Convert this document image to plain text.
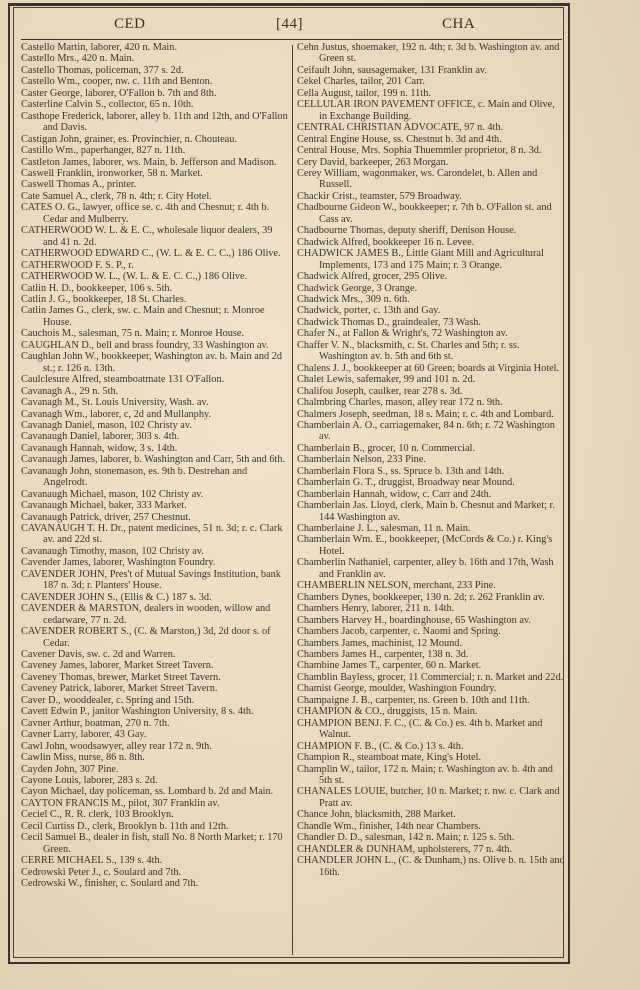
CED	[44]	CHA
Castello Martin, laborer, 420 n. Main.
Castello Mrs., 420 n. Main.
Castello Thomas, policeman, 377 s. 2d.
Castello Wm., cooper, nw. c. 11th and Benton.
Caster George, laborer, O'Fallon b. 7th and 8th.
Casterline Calvin S., collector, 65 n. 10th.
Casthope Frederick, laborer, alley b. 11th and 12th, and O'Fallon and Davis.
Castigan John, grainer, es. Provinchier, n. Chouteau.
Castillo Wm., paperhanger, 827 n. 11th.
Castleton James, laborer, ws. Main, b. Jefferson and Madison.
Caswell Franklin, ironworker, 58 n. Market.
Caswell Thomas A., printer.
Cate Samuel A., clerk, 78 n. 4th; r. City Hotel.
CATES O. G., lawyer, office se. c. 4th and Chesnut; r. 4th b. Cedar and Mulberry.
CATHERWOOD W. L. & E. C., wholesale liquor dealers, 39 and 41 n. 2d.
CATHERWOOD EDWARD C., (W. L. & E. C. C.,) 186 Olive.
CATHERWOOD F. S. P., r.
CATHERWOOD W. L., (W. L. & E. C. C.,) 186 Olive.
Catlin H. D., bookkeeper, 106 s. 5th.
Catlin J. G., bookkeeper, 18 St. Charles.
Catlin James G., clerk, sw. c. Main and Chesnut; r. Monroe House.
Cauchois M., salesman, 75 n. Main; r. Monroe House.
CAUGHLAN D., bell and brass foundry, 33 Washington av.
Caughlan John W., bookkeeper, Washington av. b. Main and 2d st.; r. 126 n. 13th.
Caulclesure Alfred, steamboatmate 131 O'Fallon.
Cavanagh A., 29 n. 5th.
Cavanagh M., St. Louis University, Wash. av.
Cavanagh Wm., laborer, c, 2d and Mullanphy.
Cavanagh Daniel, mason, 102 Christy av.
Cavanaugh Daniel, laborer, 303 s. 4th.
Cavanaugh Hannah, widow, 3 s. 14th.
Cavanaugh James, laborer, b. Washington and Carr, 5th and 6th.
Cavanaugh John, stonemason, es. 9th b. Destrehan and Angelrodt.
Cavanaugh Michael, mason, 102 Christy av.
Cavanaugh Michael, baker, 333 Market.
Cavanaugh Patrick, driver, 257 Chestnut.
CAVANAUGH T. H. Dr., patent medicines, 51 n. 3d; r. c. Clark av. and 22d st.
Cavanaugh Timothy, mason, 102 Christy av.
Cavender James, laborer, Washington Foundry.
CAVENDER JOHN, Pres't of Mutual Savings Institution, bank 187 n. 3d; r. Planters' House.
CAVENDER JOHN S., (Ellis & C.) 187 s. 3d.
CAVENDER & MARSTON, dealers in wooden, willow and cedarware, 77 n. 2d.
CAVENDER ROBERT S., (C. & Marston,) 3d, 2d door s. of Cedar.
Cavener Davis, sw. c. 2d and Warren.
Caveney James, laborer, Market Street Tavern.
Caveney Thomas, brewer, Market Street Tavern.
Caveney Patrick, laborer, Market Street Tavern.
Caver D., wooddealer, c. Spring and 15th.
Cavett Edwin P., janitor Washington University, 8 s. 4th.
Cavner Arthur, boatman, 270 n. 7th.
Cavner Larry, laborer, 43 Gay.
Cawl John, woodsawyer, alley rear 172 n. 9th.
Cawlin Miss, nurse, 86 n. 8th.
Cayden John, 307 Pine.
Cayone Louis, laborer, 283 s. 2d.
Cayon Michael, day policeman, ss. Lombard b. 2d and Main.
CAYTON FRANCIS M., pilot, 307 Franklin av.
Ceciel C., R. R. clerk, 103 Brooklyn.
Cecil Curtiss D., clerk, Brooklyn b. 11th and 12th.
Cecil Samuel B., dealer in fish, stall No. 8 North Market; r. 170 Green.
CERRE MICHAEL S., 139 s. 4th.
Cedrowski Peter J., c. Soulard and 7th.
Cedrowski W., finisher, c. Soulard and 7th.
Cehn Justus, shoemaker, 192 n. 4th; r. 3d b. Washington av. and Green st.
Ceifault John, sausagemaker, 131 Franklin av.
Cekel Charles, tailor, 201 Carr.
Cella August, tailor, 199 n. 11th.
CELLULAR IRON PAVEMENT OFFICE, c. Main and Olive, in Exchange Building.
CENTRAL CHRISTIAN ADVOCATE, 97 n. 4th.
Central Engine House, ss. Chestnut b. 3d and 4th.
Central House, Mrs. Sophia Thuemmler proprietor, 8 n. 3d.
Cery David, barkeeper, 263 Morgan.
Cerey William, wagonmaker, ws. Carondelet, b. Allen and Russell.
Chackir Crist., teamster, 579 Broadway.
Chadbourne Gideon W., bookkeeper; r. 7th b. O'Fallon st. and Cass av.
Chadbourne Thomas, deputy sheriff, Denison House.
Chadwick Alfred, bookkeeper 16 n. Levee.
CHADWICK JAMES B., Little Giant Mill and Agricultural Implements, 173 and 175 Main; r. 3 Orange.
Chadwick Alfred, grocer, 295 Olive.
Chadwick George, 3 Orange.
Chadwick Mrs., 309 n. 6th.
Chadwick, porter, c. 13th and Gay.
Chadwick Thomas D., graindealer, 73 Wash.
Chafer N., at Fallon & Wright's, 72 Washington av.
Chaffer V. N., blacksmith, c. St. Charles and 5th; r. ss. Washington av. b. 5th and 6th st.
Chalens J. J., bookkeeper at 60 Green; boards at Virginia Hotel.
Chalet Lewis, safemaker, 99 and 101 n. 2d.
Chalifou Joseph, caulker, rear 278 s. 3d.
Chalmbring Charles, mason, alley rear 172 n. 9th.
Chalmers Joseph, seedman, 18 s. Main; r. c. 4th and Lombard.
Chamberlain A. O., carriagemaker, 84 n. 6th; r. 72 Washington av.
Chamberlain B., grocer, 10 n. Commercial.
Chamberlain Nelson, 233 Pine.
Chamberlain Flora S., ss. Spruce b. 13th and 14th.
Chamberlain G. T., druggist, Broadway near Mound.
Chamberlain Hannah, widow, c. Carr and 24th.
Chamberlain Jas. Lloyd, clerk, Main b. Chesnut and Market; r. 144 Washington av.
Chamberlaine J. L., salesman, 11 n. Main.
Chamberlain Wm. E., bookkeeper, (McCords & Co.) r. King's Hotel.
Chamberlin Nathaniel, carpenter, alley b. 16th and 17th, Wash and Franklin av.
CHAMBERLIN NELSON, merchant, 233 Pine.
Chambers Dynes, bookkeeper, 130 n. 2d; r. 262 Franklin av.
Chambers Henry, laborer, 211 n. 14th.
Chambers Harvey H., boardinghouse, 65 Washington av.
Chambers Jacob, carpenter, c. Naomi and Spring.
Chambers James, machinist, 12 Mound.
Chambers James H., carpenter, 138 n. 3d.
Chambine James T., carpenter, 60 n. Market.
Chamblin Bayless, grocer, 11 Commercial; r. n. Market and 22d.
Chamist George, moulder, Washington Foundry.
Champaigne J. B., carpenter, ns. Green b. 10th and 11th.
CHAMPION & CO., druggists, 15 n. Main.
CHAMPION BENJ. F. C., (C. & Co.) es. 4th b. Market and Walnut.
CHAMPION F. B., (C. & Co.) 13 s. 4th.
Champion R., steamboat mate, King's Hotel.
Champlin W., tailor, 172 n. Main; r. Washington av. b. 4th and 5th st.
CHANALES LOUIE, butcher, 10 n. Market; r. nw. c. Clark and Pratt av.
Chance John, blacksmith, 288 Market.
Chandle Wm., finisher, 14th near Chambers.
Chandler D. D., salesman, 142 n. Main; r. 125 s. 5th.
CHANDLER & DUNHAM, upholsterers, 77 n. 4th.
CHANDLER JOHN L., (C. & Dunham,) ns. Olive b. n. 15th and 16th.
